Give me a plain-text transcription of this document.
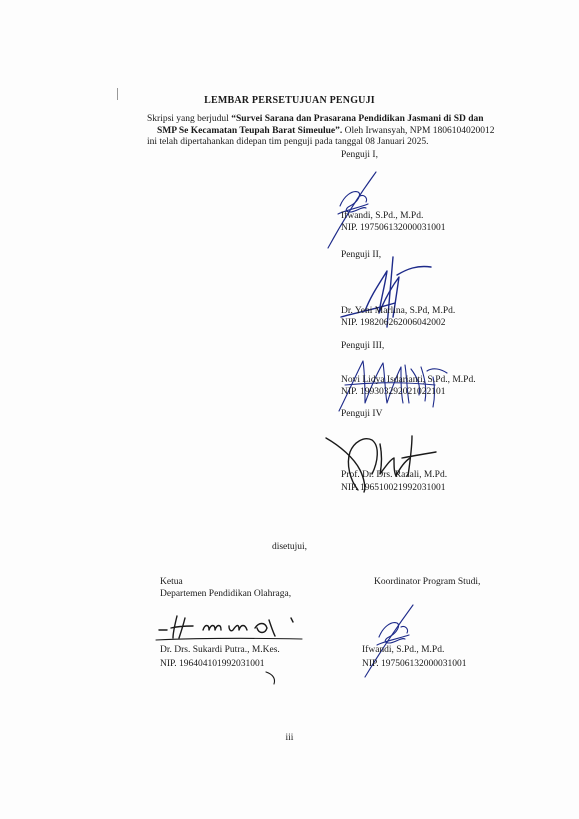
LEMBAR PERSETUJUAN PENGUJI
Skripsi yang berjudul “Survei Sarana dan Prasarana Pendidikan Jasmani di SD dan
SMP Se Kecamatan Teupah Barat Simeulue”. Oleh Irwansyah, NPM 1806104020012
ini telah dipertahankan didepan tim penguji pada tanggal 08 Januari 2025.
Penguji I,
Ifwandi, S.Pd., M.Pd.
NIP. 197506132000031001
Penguji II,
Dr. Yeni Marlina, S.Pd, M.Pd.
NIP. 198206262006042002
Penguji III,
Novi Lidya Isdarianti, S.Pd., M.Pd.
NIP. 199303292021022101
Penguji IV
Prof. Dr. Drs. Razali, M.Pd.
NIP. 196510021992031001
disetujui,
Ketua
Departemen Pendidikan Olahraga,
Dr. Drs. Sukardi Putra., M.Kes.
NIP. 196404101992031001
Koordinator Program Studi,
Ifwandi, S.Pd., M.Pd.
NIP. 197506132000031001
iii
